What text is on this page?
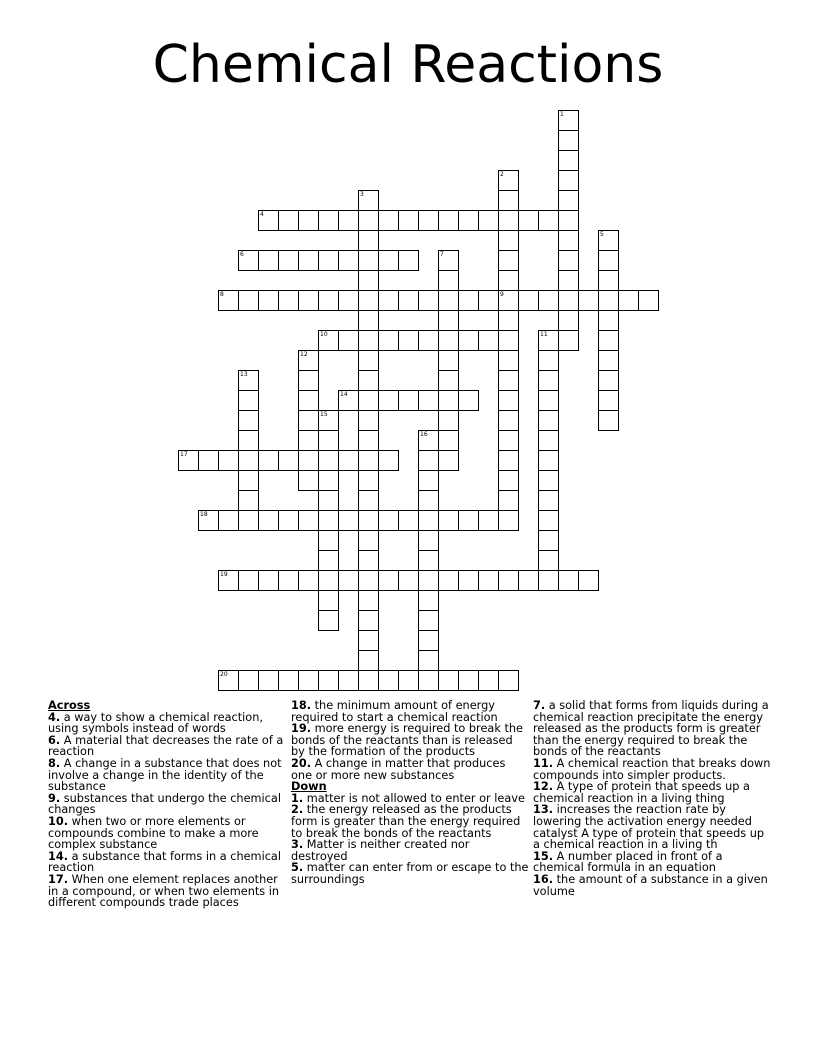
Chemical Reactions
1
2
9
3
4
5
6	7
8
10	11
12
13
14
15
16
17
18
19
20
Across
4. a way to show a chemical reaction, using symbols instead of words
6. A material that decreases the rate of a reaction
8. A change in a substance that does not involve a change in the identity of the substance
9. substances that undergo the chemical changes
10. when two or more elements or compounds combine to make a more complex substance
14. a substance that forms in a chemical reaction
17. When one element replaces another in a compound, or when two elements in different compounds trade places
18. the minimum amount of energy required to start a chemical reaction
19. more energy is required to break the bonds of the reactants than is released by the formation of the products
20. A change in matter that produces one or more new substances
Down
1. matter is not allowed to enter or leave
2. the energy released as the products form is greater than the energy required to break the bonds of the reactants
3. Matter is neither created nor destroyed
5. matter can enter from or escape to the surroundings
7. a solid that forms from liquids during a chemical reaction precipitate the energy released as the products form is greater than the energy required to break the bonds of the reactants
11. A chemical reaction that breaks down compounds into simpler products.
12. A type of protein that speeds up a chemical reaction in a living thing
13. increases the reaction rate by lowering the activation energy needed catalyst A type of protein that speeds up a chemical reaction in a living th
15. A number placed in front of a chemical formula in an equation
16. the amount of a substance in a given volume
